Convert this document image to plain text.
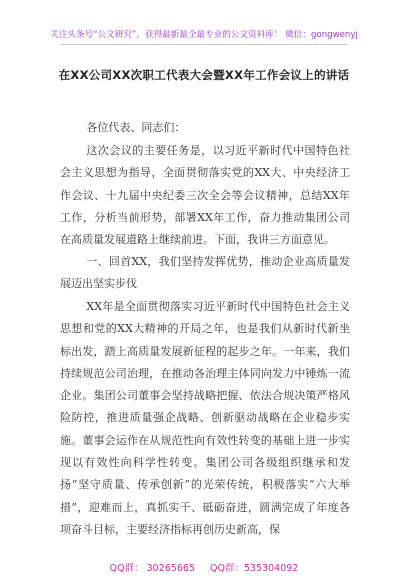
关注头条号“公文研究”，获得最新最全最专业的公文资料库！ 微信：gongwenyj
在XX公司XX次职工代表大会暨XX年工作会议上的讲话
各位代表、同志们：
这次会议的主要任务是，以习近平新时代中国特色社会主义思想为指导，全面贯彻落实党的XX大、中央经济工作会议、十九届中央纪委三次全会等会议精神，总结XX年工作，分析当前形势，部署XX年工作，奋力推动集团公司在高质量发展道路上继续前进。下面，我讲三方面意见。
一、回首XX，我们坚持发挥优势，推动企业高质量发展迈出坚实步伐
XX年是全面贯彻落实习近平新时代中国特色社会主义思想和党的XX大精神的开局之年，也是我们从新时代新坐标出发，踏上高质量发展新征程的起步之年。一年来，我们持续规范公司治理，在推动各治理主体同向发力中锤炼一流企业。集团公司董事会坚持战略把握、依法合规决策严格风险防控，推进质量强企战略、创新驱动战略在企业稳步实施。董事会运作在从规范性向有效性转变的基础上进一步实现以有效性向科学性转变。集团公司各级组织继承和发扬“坚守质量、传承创新”的光荣传统，积极落实“六大举措”，迎难而上，真抓实干、砥砺奋进，圆满完成了年度各项奋斗目标，主要经济指标再创历史新高，保
QQ群： 30265665 QQ群：535304092
